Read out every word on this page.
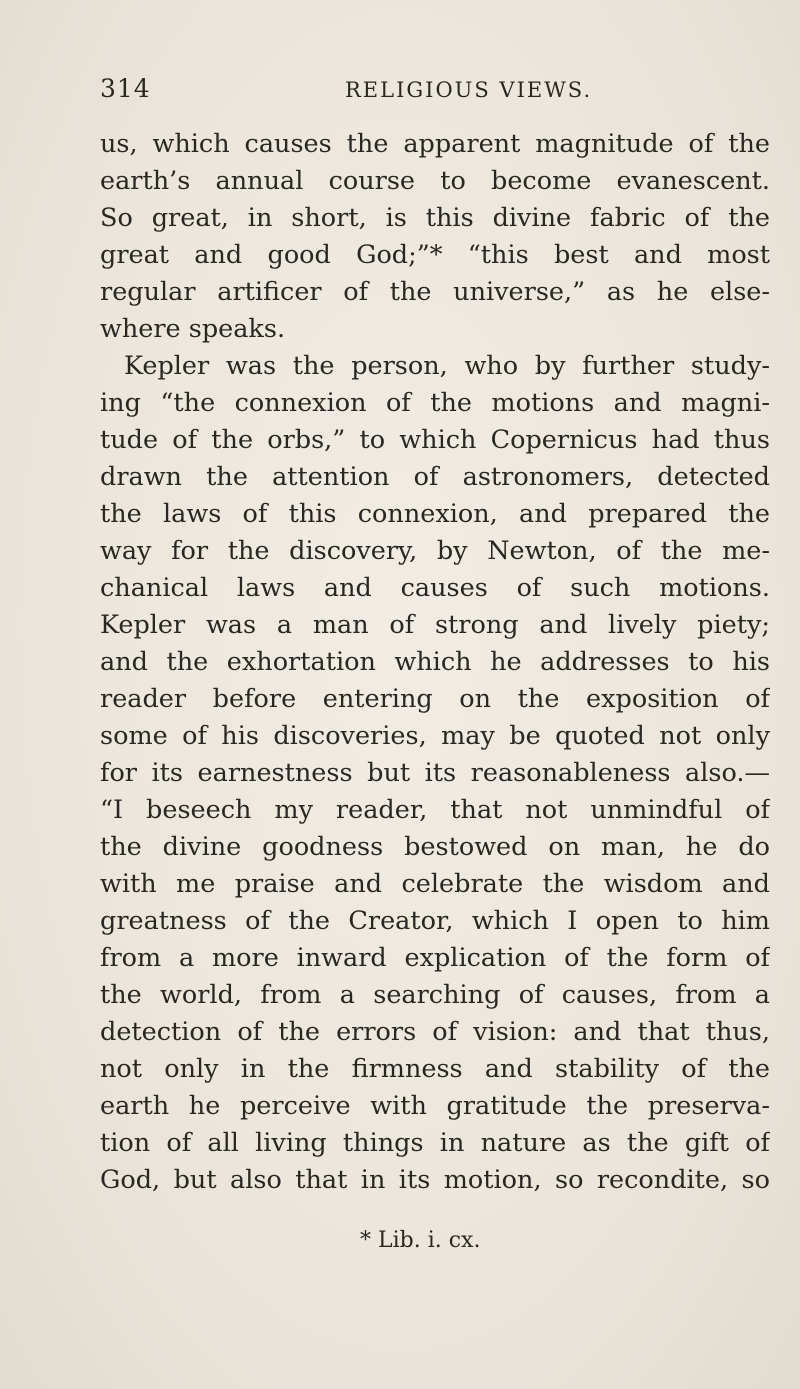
314	RELIGIOUS VIEWS.
us, which causes the apparent magnitude of the
earth’s annual course to become evanescent.
So great, in short, is this divine fabric of the
great and good God;”* “this best and most
regular artificer of the universe,” as he else-
where speaks.
Kepler was the person, who by further study-
ing “the connexion of the motions and magni-
tude of the orbs,” to which Copernicus had thus
drawn the attention of astronomers, detected
the laws of this connexion, and prepared the
way for the discovery, by Newton, of the me-
chanical laws and causes of such motions.
Kepler was a man of strong and lively piety;
and the exhortation which he addresses to his
reader before entering on the exposition of
some of his discoveries, may be quoted not only
for its earnestness but its reasonableness also.—
“I beseech my reader, that not unmindful of
the divine goodness bestowed on man, he do
with me praise and celebrate the wisdom and
greatness of the Creator, which I open to him
from a more inward explication of the form of
the world, from a searching of causes, from a
detection of the errors of vision: and that thus,
not only in the firmness and stability of the
earth he perceive with gratitude the preserva-
tion of all living things in nature as the gift of
God, but also that in its motion, so recondite, so
* Lib. i. cx.
